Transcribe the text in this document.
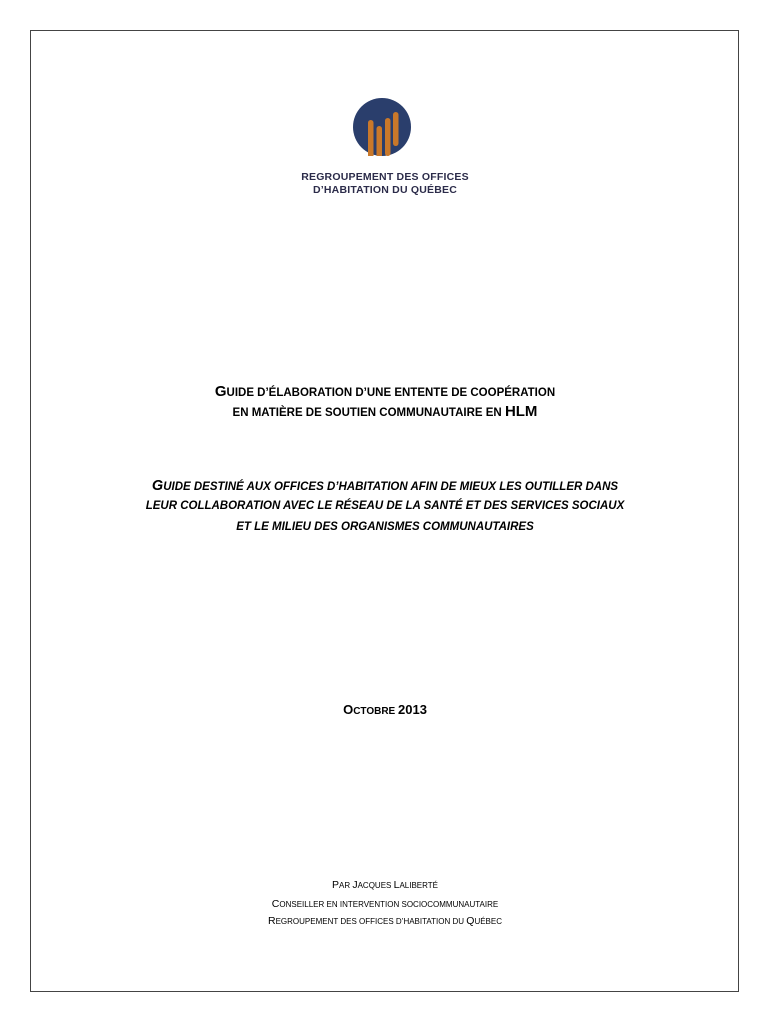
REGROUPEMENT DES OFFICES
D’HABITATION DU QUÉBEC
GUIDE D’ÉLABORATION D’UNE ENTENTE DE COOPÉRATION
EN MATIÈRE DE SOUTIEN COMMUNAUTAIRE EN HLM
GUIDE DESTINÉ AUX OFFICES D’HABITATION AFIN DE MIEUX LES OUTILLER DANS
LEUR COLLABORATION AVEC LE RÉSEAU DE LA SANTÉ ET DES SERVICES SOCIAUX
ET LE MILIEU DES ORGANISMES COMMUNAUTAIRES
OCTOBRE 2013
PAR JACQUES LALIBERTÉ
CONSEILLER EN INTERVENTION SOCIOCOMMUNAUTAIRE
REGROUPEMENT DES OFFICES D’HABITATION DU QUÉBEC
